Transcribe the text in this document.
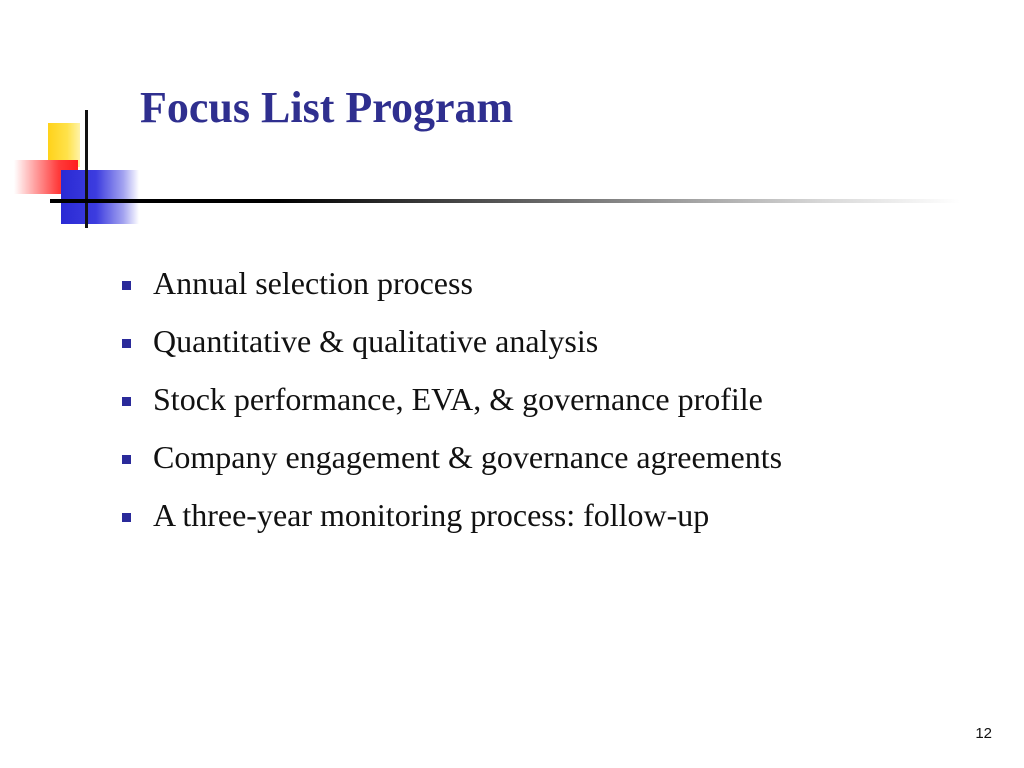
Focus List Program
Annual selection process
Quantitative & qualitative analysis
Stock performance, EVA, & governance profile
Company engagement & governance agreements
A three-year monitoring process: follow-up
12
